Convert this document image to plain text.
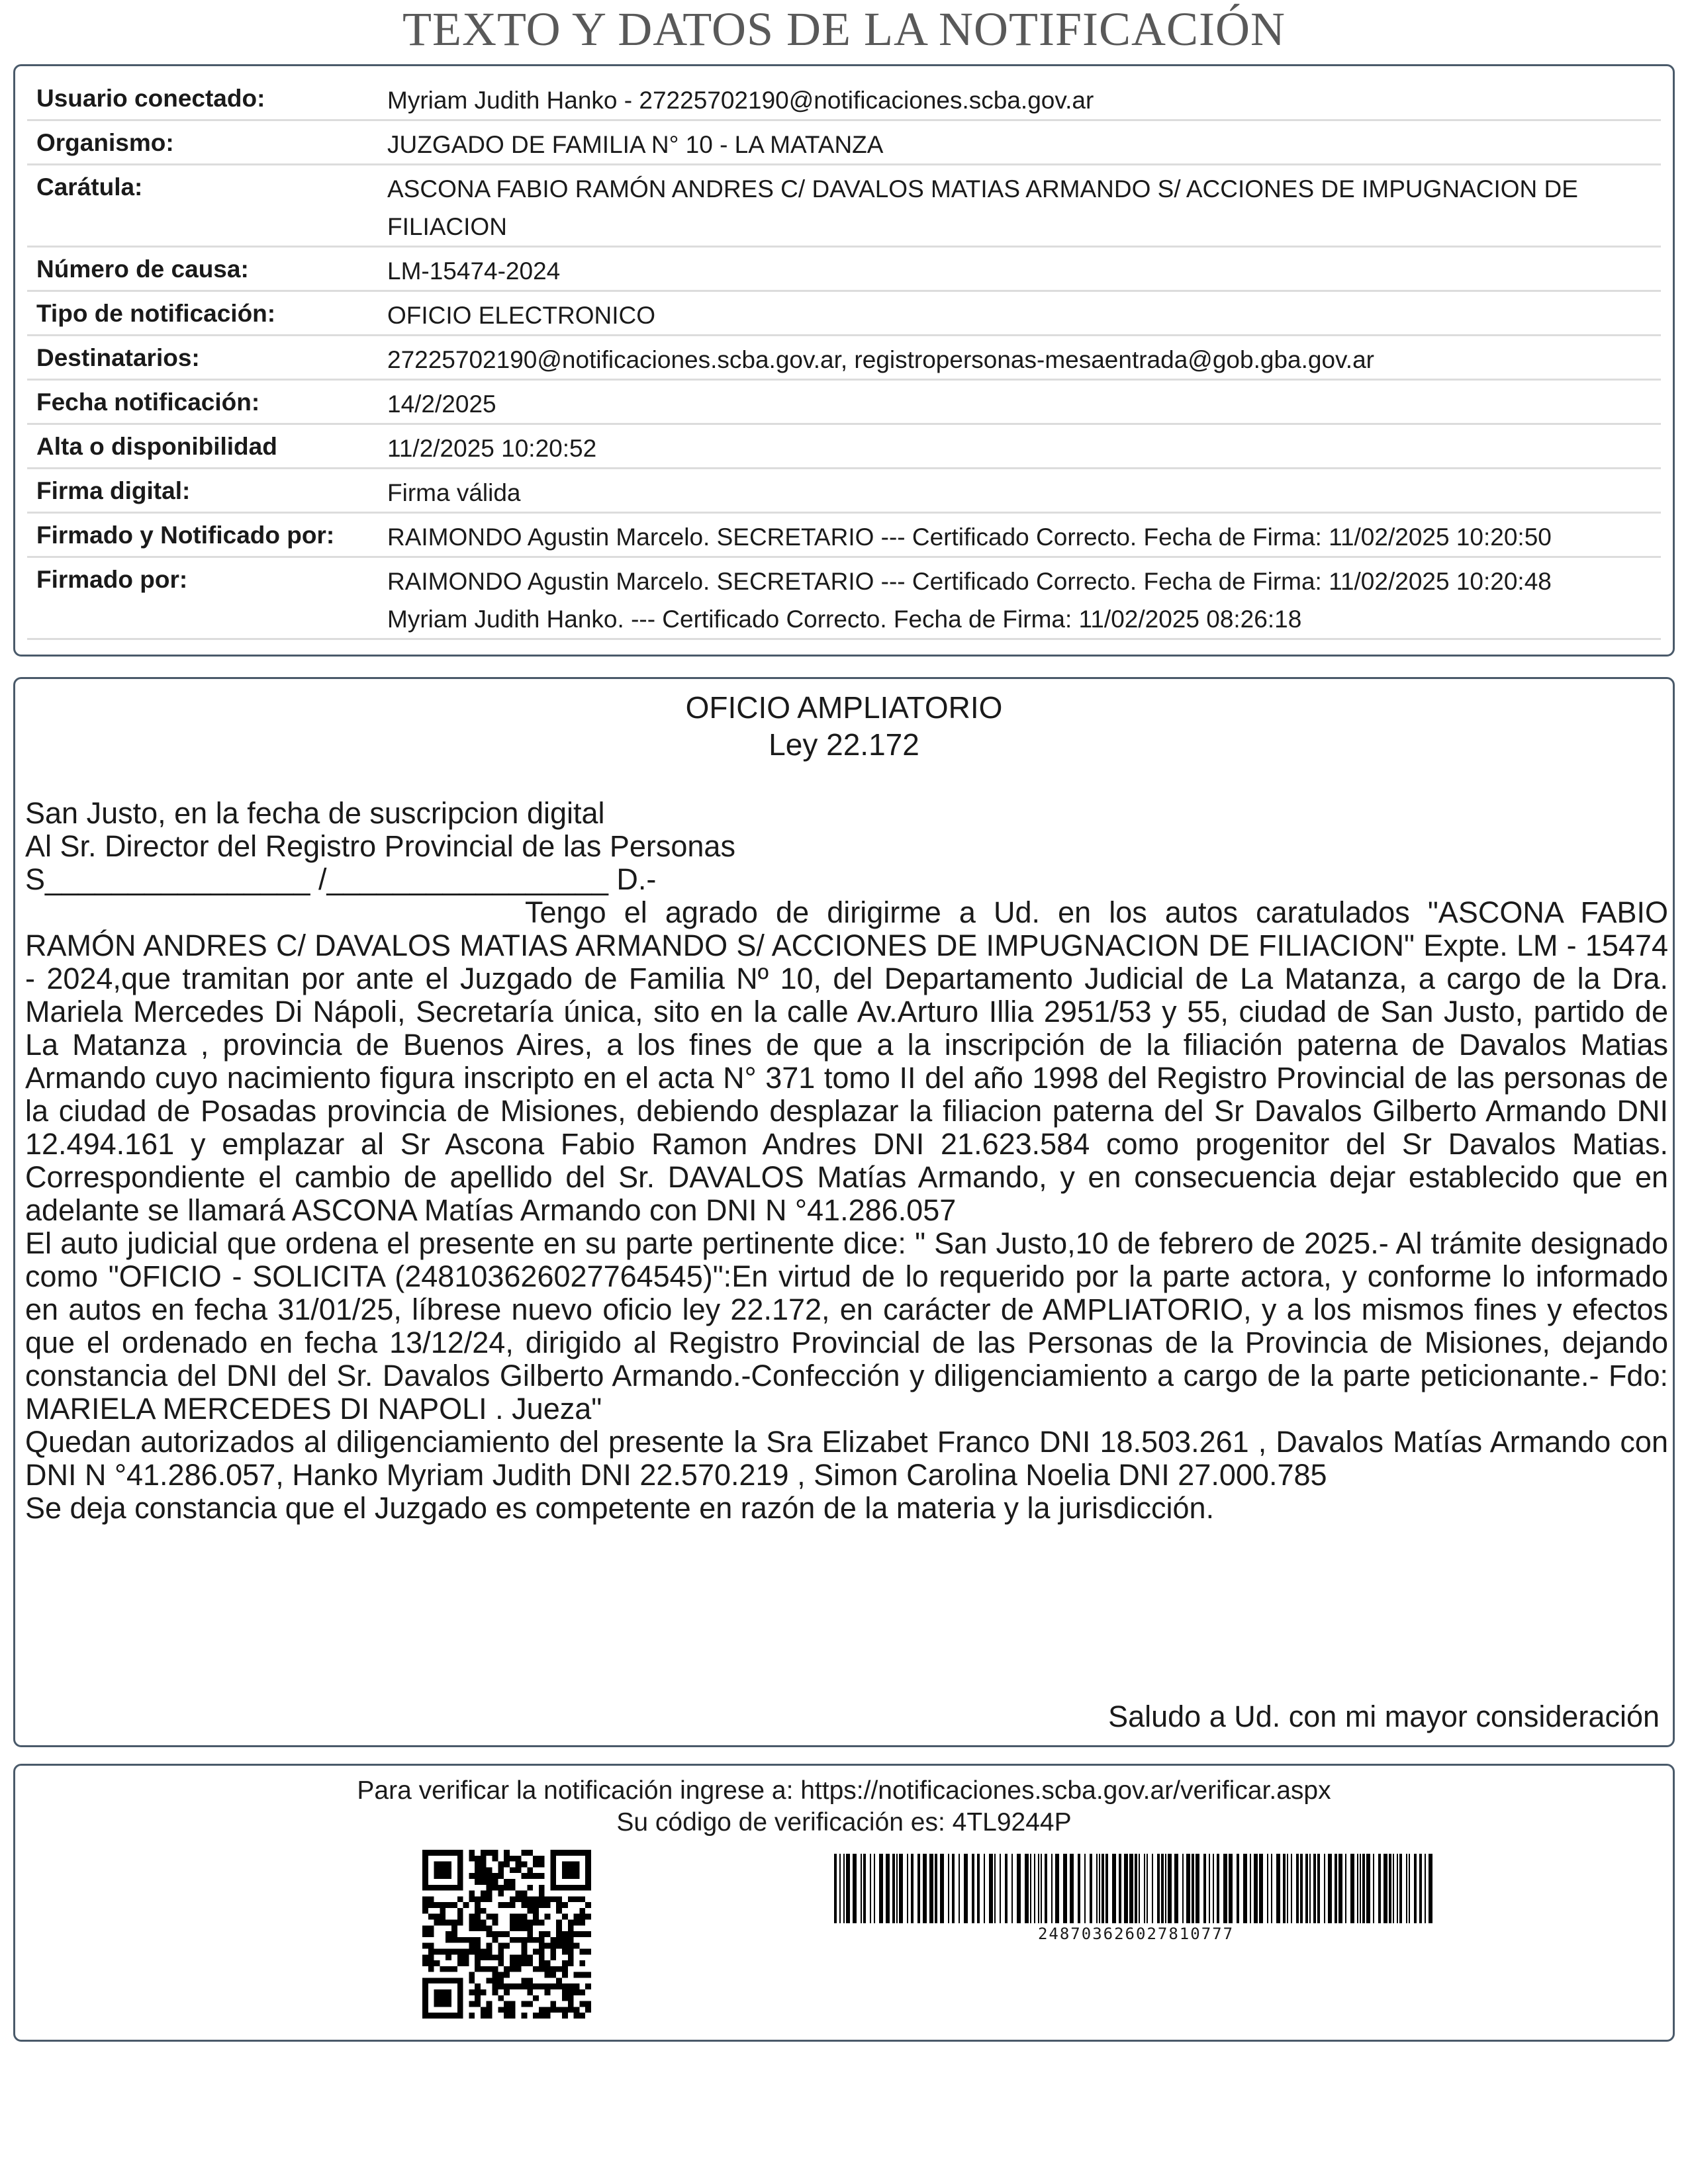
TEXTO Y DATOS DE LA NOTIFICACIÓN
Usuario conectado:	Myriam Judith Hanko - 27225702190@notificaciones.scba.gov.ar
Organismo:	JUZGADO DE FAMILIA N° 10 - LA MATANZA
Carátula:	ASCONA FABIO RAMÓN ANDRES C/ DAVALOS MATIAS ARMANDO S/ ACCIONES DE IMPUGNACION DE FILIACION
Número de causa:	LM-15474-2024
Tipo de notificación:	OFICIO ELECTRONICO
Destinatarios:	27225702190@notificaciones.scba.gov.ar, registropersonas-mesaentrada@gob.gba.gov.ar
Fecha notificación:	14/2/2025
Alta o disponibilidad	11/2/2025 10:20:52
Firma digital:	Firma válida
Firmado y Notificado por:	RAIMONDO Agustin Marcelo. SECRETARIO --- Certificado Correcto. Fecha de Firma: 11/02/2025 10:20:50
Firmado por:	RAIMONDO Agustin Marcelo. SECRETARIO --- Certificado Correcto. Fecha de Firma: 11/02/2025 10:20:48
Myriam Judith Hanko. --- Certificado Correcto. Fecha de Firma: 11/02/2025 08:26:18
OFICIO AMPLIATORIO
Ley 22.172

San Justo, en la fecha de suscripcion digital

Al Sr. Director del Registro Provincial de las Personas

S________________ /_________________ D.-

Tengo el agrado de dirigirme a Ud. en los autos caratulados "ASCONA FABIO RAMÓN ANDRES C/ DAVALOS MATIAS ARMANDO S/ ACCIONES DE IMPUGNACION DE FILIACION" Expte. LM - 15474 - 2024,que tramitan por ante el Juzgado de Familia Nº 10, del Departamento Judicial de La Matanza, a cargo de la Dra. Mariela Mercedes Di Nápoli, Secretaría única, sito en la calle Av.Arturo Illia 2951/53 y 55, ciudad de San Justo, partido de La Matanza , provincia de Buenos Aires, a los fines de que a la inscripción de la filiación paterna de Davalos Matias Armando cuyo nacimiento figura inscripto en el acta N° 371 tomo II del año 1998 del Registro Provincial de las personas de la ciudad de Posadas provincia de Misiones, debiendo desplazar la filiacion paterna del Sr Davalos Gilberto Armando DNI 12.494.161 y emplazar al Sr Ascona Fabio Ramon Andres DNI 21.623.584 como progenitor del Sr Davalos Matias. Correspondiente el cambio de apellido del Sr. DAVALOS Matías Armando, y en consecuencia dejar establecido que en adelante se llamará ASCONA Matías Armando con DNI N °41.286.057

El auto judicial que ordena el presente en su parte pertinente dice: " San Justo,10 de febrero de 2025.- Al trámite designado como "OFICIO - SOLICITA (248103626027764545)":En virtud de lo requerido por la parte actora, y conforme lo informado en autos en fecha 31/01/25, líbrese nuevo oficio ley 22.172, en carácter de AMPLIATORIO, y a los mismos fines y efectos que el ordenado en fecha 13/12/24, dirigido al Registro Provincial de las Personas de la Provincia de Misiones, dejando constancia del DNI del Sr. Davalos Gilberto Armando.-Confección y diligenciamiento a cargo de la parte peticionante.- Fdo: MARIELA MERCEDES DI NAPOLI . Jueza"

Quedan autorizados al diligenciamiento del presente la Sra Elizabet Franco DNI 18.503.261 , Davalos Matías Armando con DNI N °41.286.057, Hanko Myriam Judith DNI 22.570.219 , Simon Carolina Noelia DNI 27.000.785

Se deja constancia que el Juzgado es competente en razón de la materia y la jurisdicción.

Saludo a Ud. con mi mayor consideración
Para verificar la notificación ingrese a: https://notificaciones.scba.gov.ar/verificar.aspx
Su código de verificación es: 4TL9244P
248703626027810777
